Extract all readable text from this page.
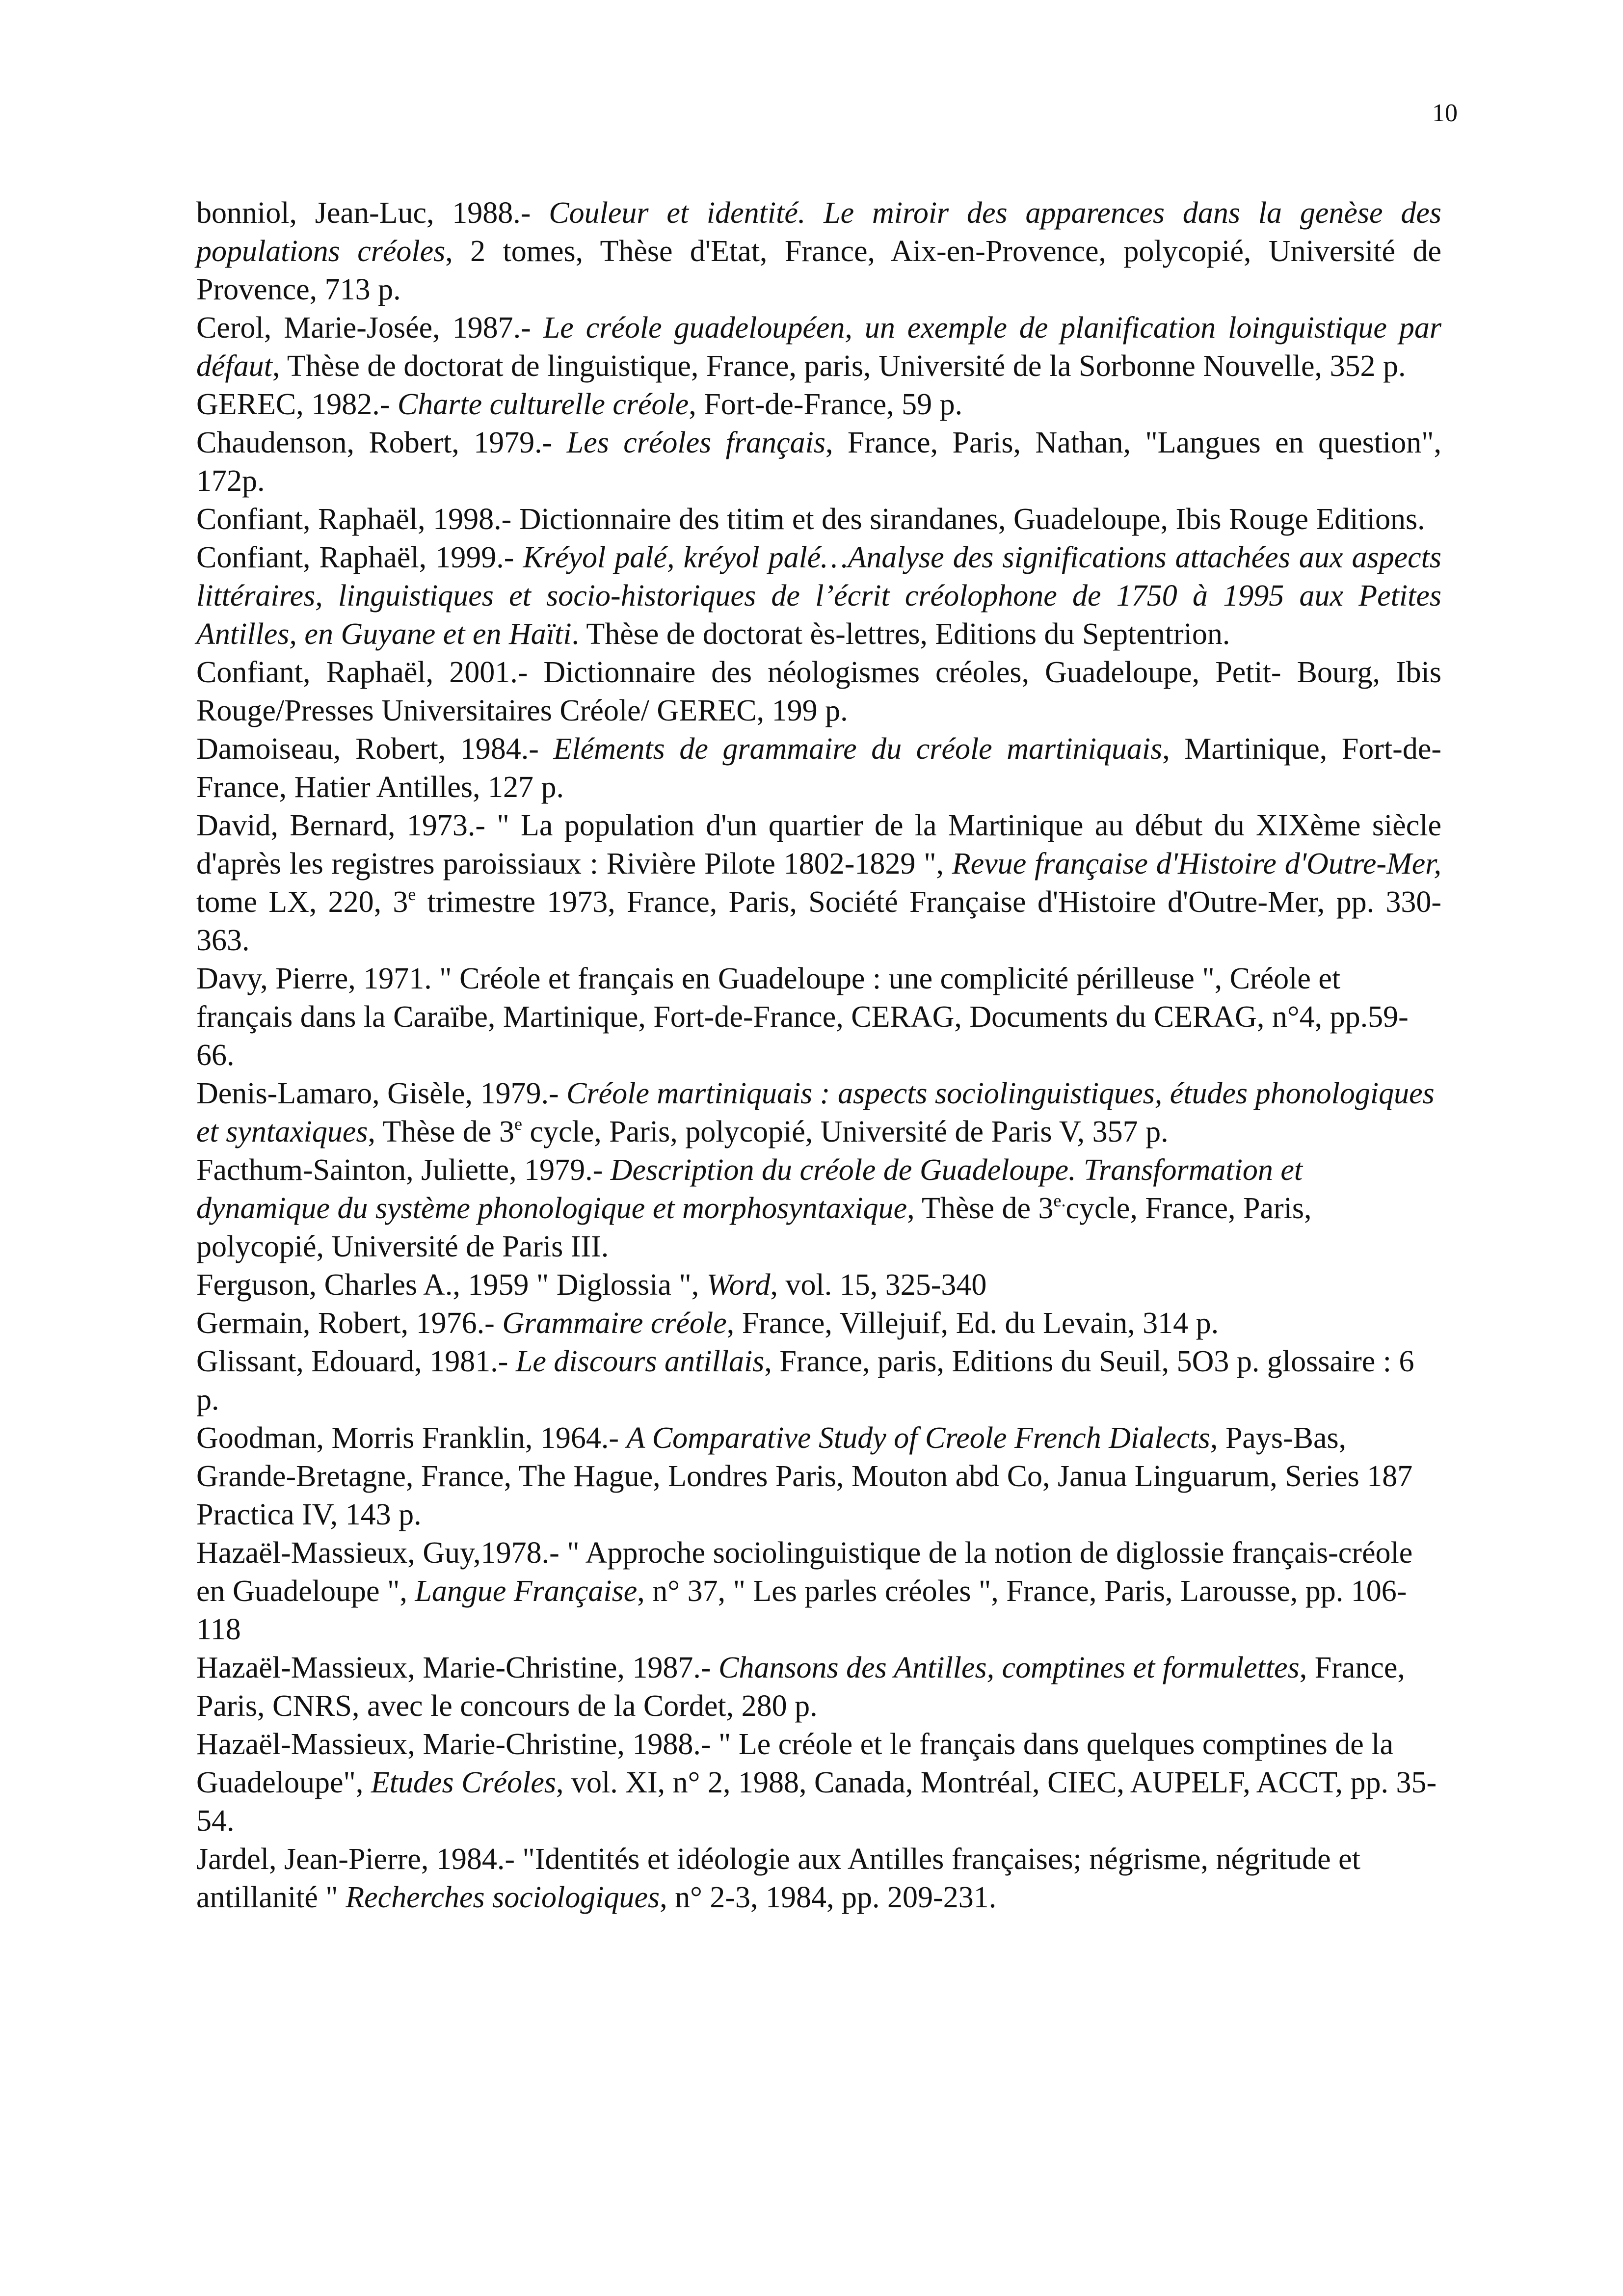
10

bonniol, Jean-Luc, 1988.- Couleur et identité. Le miroir des apparences dans la genèse des populations créoles, 2 tomes, Thèse d'Etat, France, Aix-en-Provence, polycopié, Université de Provence, 713 p.

Cerol, Marie-Josée, 1987.- Le créole guadeloupéen, un exemple de planification loinguistique par défaut, Thèse de doctorat de linguistique, France, paris, Université de la Sorbonne Nouvelle, 352 p.

GEREC, 1982.- Charte culturelle créole, Fort-de-France, 59 p.

Chaudenson, Robert, 1979.- Les créoles français, France, Paris, Nathan, "Langues en question", 172p.

Confiant, Raphaël, 1998.- Dictionnaire des titim et des sirandanes, Guadeloupe, Ibis Rouge Editions.

Confiant, Raphaël, 1999.- Kréyol palé, kréyol palé…Analyse des significations attachées aux aspects littéraires, linguistiques et socio-historiques de l’écrit créolophone de 1750 à 1995 aux Petites Antilles, en Guyane et en Haïti. Thèse de doctorat ès-lettres, Editions du Septentrion.

Confiant, Raphaël, 2001.- Dictionnaire des néologismes créoles, Guadeloupe, Petit- Bourg, Ibis Rouge/Presses Universitaires Créole/ GEREC, 199 p.

Damoiseau, Robert, 1984.- Eléments de grammaire du créole martiniquais, Martinique, Fort-de-France, Hatier Antilles, 127 p.

David, Bernard, 1973.- " La population d'un quartier de la Martinique au début du XIXème siècle d'après les registres paroissiaux : Rivière Pilote 1802-1829 ", Revue française d'Histoire d'Outre-Mer, tome LX, 220, 3e trimestre 1973, France, Paris, Société Française d'Histoire d'Outre-Mer, pp. 330-363.

Davy, Pierre, 1971. " Créole et français en Guadeloupe : une complicité périlleuse ", Créole et français dans la Caraïbe, Martinique, Fort-de-France, CERAG, Documents du CERAG, n°4, pp.59-66.

Denis-Lamaro, Gisèle, 1979.- Créole martiniquais : aspects sociolinguistiques, études phonologiques et syntaxiques, Thèse de 3e cycle, Paris, polycopié, Université de Paris V, 357 p.

Facthum-Sainton, Juliette, 1979.- Description du créole de Guadeloupe. Transformation et dynamique du système phonologique et morphosyntaxique, Thèse de $3^{e.}cycle$, France, Paris, polycopié, Université de Paris III.

Ferguson, Charles A., 1959 " Diglossia ", Word, vol. 15, 325-340

Germain, Robert, 1976.- Grammaire créole, France, Villejuif, Ed. du Levain, 314 p.

Glissant, Edouard, 1981.- Le discours antillais, France, paris, Editions du Seuil, 5O3 p. glossaire : 6 p.

Goodman, Morris Franklin, 1964.- A Comparative Study of Creole French Dialects, Pays-Bas, Grande-Bretagne, France, The Hague, Londres Paris, Mouton abd Co, Janua Linguarum, Series 187 Practica IV, 143 p.

Hazaël-Massieux, Guy,1978.- " Approche sociolinguistique de la notion de diglossie français-créole en Guadeloupe ", Langue Française, n° 37, " Les parles créoles ", France, Paris, Larousse, pp. 106-118

Hazaël-Massieux, Marie-Christine, 1987.- Chansons des Antilles, comptines et formulettes, France, Paris, CNRS, avec le concours de la Cordet, 280 p.

Hazaël-Massieux, Marie-Christine, 1988.- " Le créole et le français dans quelques comptines de la Guadeloupe", Etudes Créoles, vol. XI, n° 2, 1988, Canada, Montréal, CIEC, AUPELF, ACCT, pp. 35-54.

Jardel, Jean-Pierre, 1984.- "Identités et idéologie aux Antilles françaises; négrisme, négritude et antillanité " Recherches sociologiques, n° 2-3, 1984, pp. 209-231.
